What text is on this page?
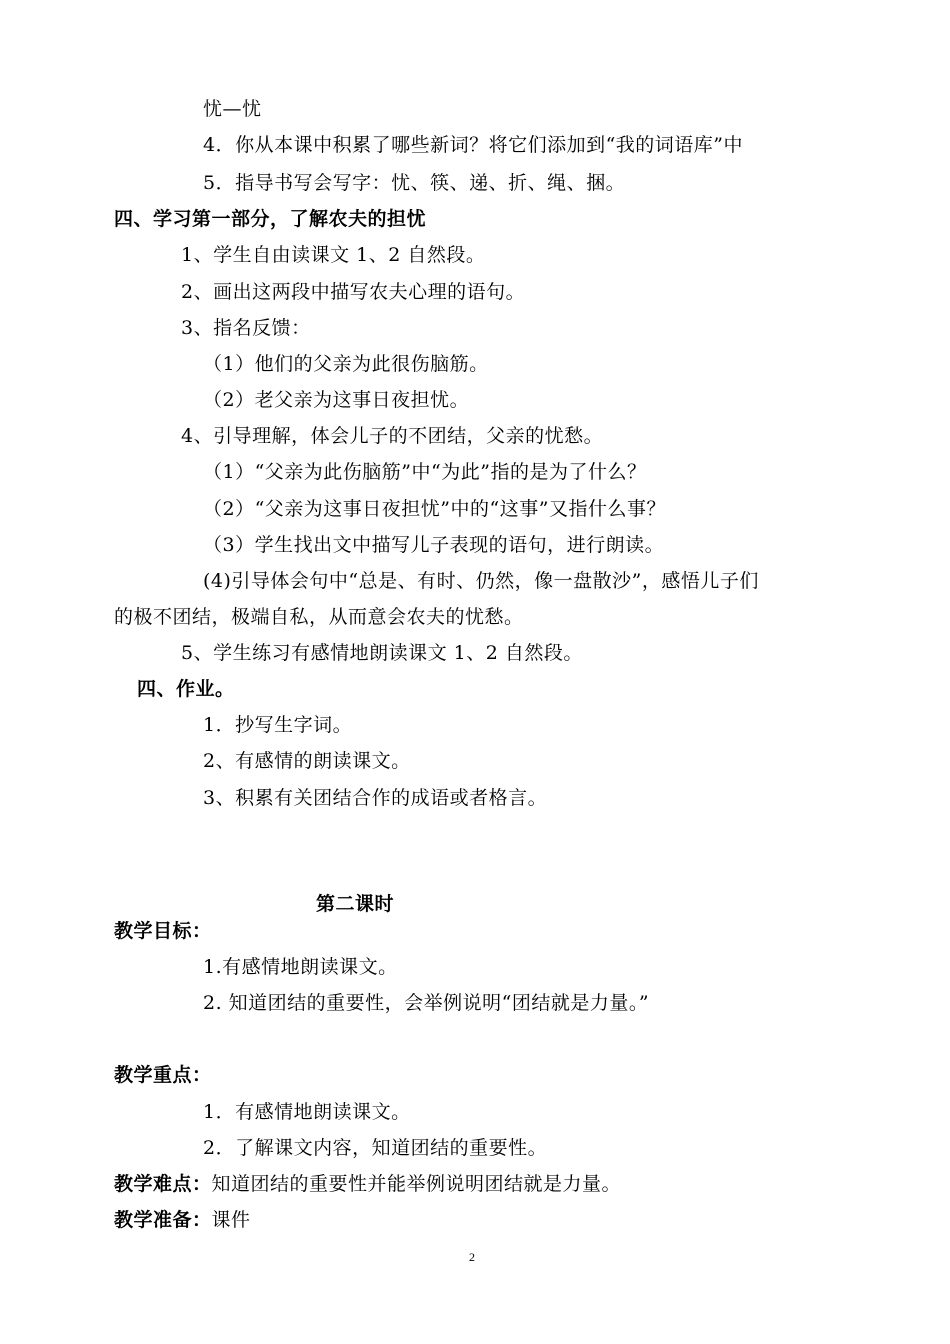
忧—忧
4．你从本课中积累了哪些新词？将它们添加到“我的词语库”中
5．指导书写会写字：忧、筷、递、折、绳、捆。
四、学习第一部分，了解农夫的担忧
1、学生自由读课文 1、2 自然段。
2、画出这两段中描写农夫心理的语句。
3、指名反馈：
（1）他们的父亲为此很伤脑筋。
（2）老父亲为这事日夜担忧。
4、引导理解，体会儿子的不团结，父亲的忧愁。
（1）“父亲为此伤脑筋”中“为此”指的是为了什么？
（2）“父亲为这事日夜担忧”中的“这事”又指什么事？
（3）学生找出文中描写儿子表现的语句，进行朗读。
(4)引导体会句中“总是、有时、仍然，像一盘散沙”，感悟儿子们
的极不团结，极端自私，从而意会农夫的忧愁。
5、学生练习有感情地朗读课文 1、2 自然段。
四、作业。
1．抄写生字词。
2、有感情的朗读课文。
3、积累有关团结合作的成语或者格言。
第二课时
教学目标：
1.有感情地朗读课文。
2. 知道团结的重要性，会举例说明“团结就是力量。”
教学重点：
1．有感情地朗读课文。
2．了解课文内容，知道团结的重要性。
教学难点：知道团结的重要性并能举例说明团结就是力量。
教学准备：课件
2
